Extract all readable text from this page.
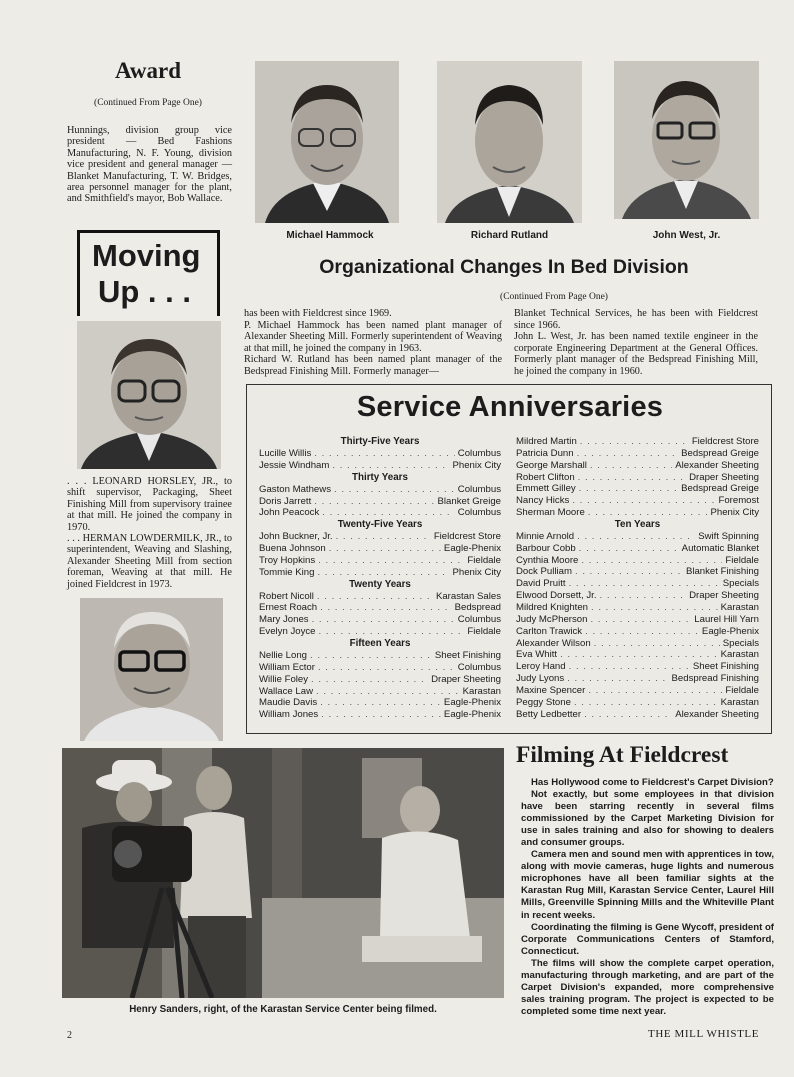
Award
(Continued From Page One)
Hunnings, division group vice president — Bed Fashions Manufacturing, N. F. Young, division vice president and general manager — Blanket Manufacturing, T. W. Bridges, area personnel manager for the plant, and Smithfield's mayor, Bob Wallace.
Michael Hammock	Richard Rutland	John West, Jr.
Moving
Up . . .
. . . LEONARD HORSLEY, JR., to shift supervisor, Packaging, Sheet Finishing Mill from supervisory trainee at that mill. He joined the company in 1970.
. . . HERMAN LOWDERMILK, JR., to superintendent, Weaving and Slashing, Alexander Sheeting Mill from section foreman, Weaving at that mill. He joined Fieldcrest in 1973.
Organizational Changes In Bed Division
(Continued From Page One)
has been with Fieldcrest since 1969.
P. Michael Hammock has been named plant manager of Alexander Sheeting Mill. Formerly superintendent of Weaving at that mill, he joined the company in 1963.
Richard W. Rutland has been named plant manager of the Bedspread Finishing Mill. Formerly manager—
Blanket Technical Services, he has been with Fieldcrest since 1966.
John L. West, Jr. has been named textile engineer in the corporate Engineering Department at the General Offices. Formerly plant manager of the Bedspread Finishing Mill, he joined the company in 1960.
Service Anniversaries
Thirty-Five Years
Lucille Willis . . .	Columbus
Jessie Windham . . .	Phenix City
Thirty Years
Gaston Mathews . . .	Columbus
Doris Jarrett . . .	Blanket Greige
John Peacock . . .	Columbus
Twenty-Five Years
John Buckner, Jr. . . .	Fieldcrest Store
Buena Johnson . . .	Eagle-Phenix
Troy Hopkins . . .	Fieldale
Tommie King . . .	Phenix City
Twenty Years
Robert Nicoll . . .	Karastan Sales
Ernest Roach . . .	Bedspread
Mary Jones . . .	Columbus
Evelyn Joyce . . .	Fieldale
Fifteen Years
Nellie Long . . .	Sheet Finishing
William Ector . . .	Columbus
Willie Foley . . .	Draper Sheeting
Wallace Law . . .	Karastan
Maudie Davis . . .	Eagle-Phenix
William Jones . . .	Eagle-Phenix
Mildred Martin . . .	Fieldcrest Store
Patricia Dunn . . .	Bedspread Greige
George Marshall . . .	Alexander Sheeting
Robert Clifton . . .	Draper Sheeting
Emmett Gilley . . .	Bedspread Greige
Nancy Hicks . . .	Foremost
Sherman Moore . . .	Phenix City
Ten Years
Minnie Arnold . . .	Swift Spinning
Barbour Cobb . . .	Automatic Blanket
Cynthia Moore . . .	Fieldale
Dock Pulliam . . .	Blanket Finishing
David Pruitt . . .	Specials
Elwood Dorsett, Jr. . . .	Draper Sheeting
Mildred Knighten . . .	Karastan
Judy McPherson . . .	Laurel Hill Yarn
Carlton Trawick . . .	Eagle-Phenix
Alexander Wilson . . .	Specials
Eva Whitt . . .	Karastan
Leroy Hand . . .	Sheet Finishing
Judy Lyons . . .	Bedspread Finishing
Maxine Spencer . . .	Fieldale
Peggy Stone . . .	Karastan
Betty Ledbetter . . .	Alexander Sheeting
Henry Sanders, right, of the Karastan Service Center being filmed.
Filming At Fieldcrest

Has Hollywood come to Fieldcrest's Carpet Division?

Not exactly, but some employees in that division have been starring recently in several films commissioned by the Carpet Marketing Division for use in sales training and also for showing to dealers and consumer groups.

Camera men and sound men with apprentices in tow, along with movie cameras, huge lights and numerous microphones have all been familiar sights at the Karastan Rug Mill, Karastan Service Center, Laurel Hill Mills, Greenville Spinning Mills and the Whiteville Plant in recent weeks.

Coordinating the filming is Gene Wycoff, president of Corporate Communications Centers of Stamford, Connecticut.

The films will show the complete carpet operation, manufacturing through marketing, and are part of the Carpet Division's expanded, more comprehensive sales training program. The project is expected to be completed some time next year.

2	THE MILL WHISTLE
